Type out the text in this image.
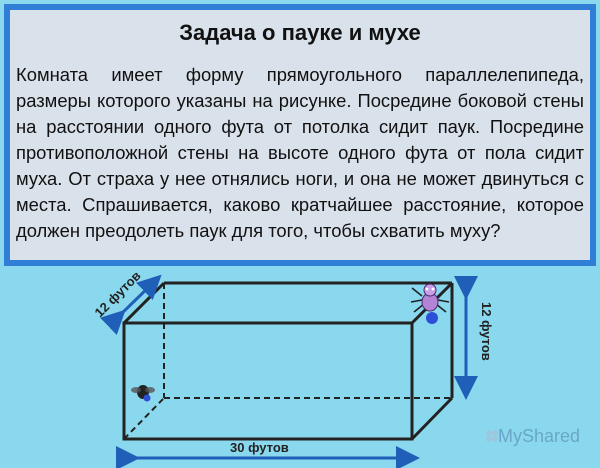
Задача о пауке и мухе
Комната имеет форму прямоугольного параллелепипеда, размеры которого указаны на рисунке. Посредине боковой стены на расстоянии одного фута от потолка сидит паук. Посредине противоположной стены на высоте одного фута от пола сидит муха. От страха у нее отнялись ноги, и она не может двинуться с места. Спрашивается, каково кратчайшее расстояние, которое должен преодолеть паук для того, чтобы схватить муху?
12 футов
12 футов
30 футов
MyShared
